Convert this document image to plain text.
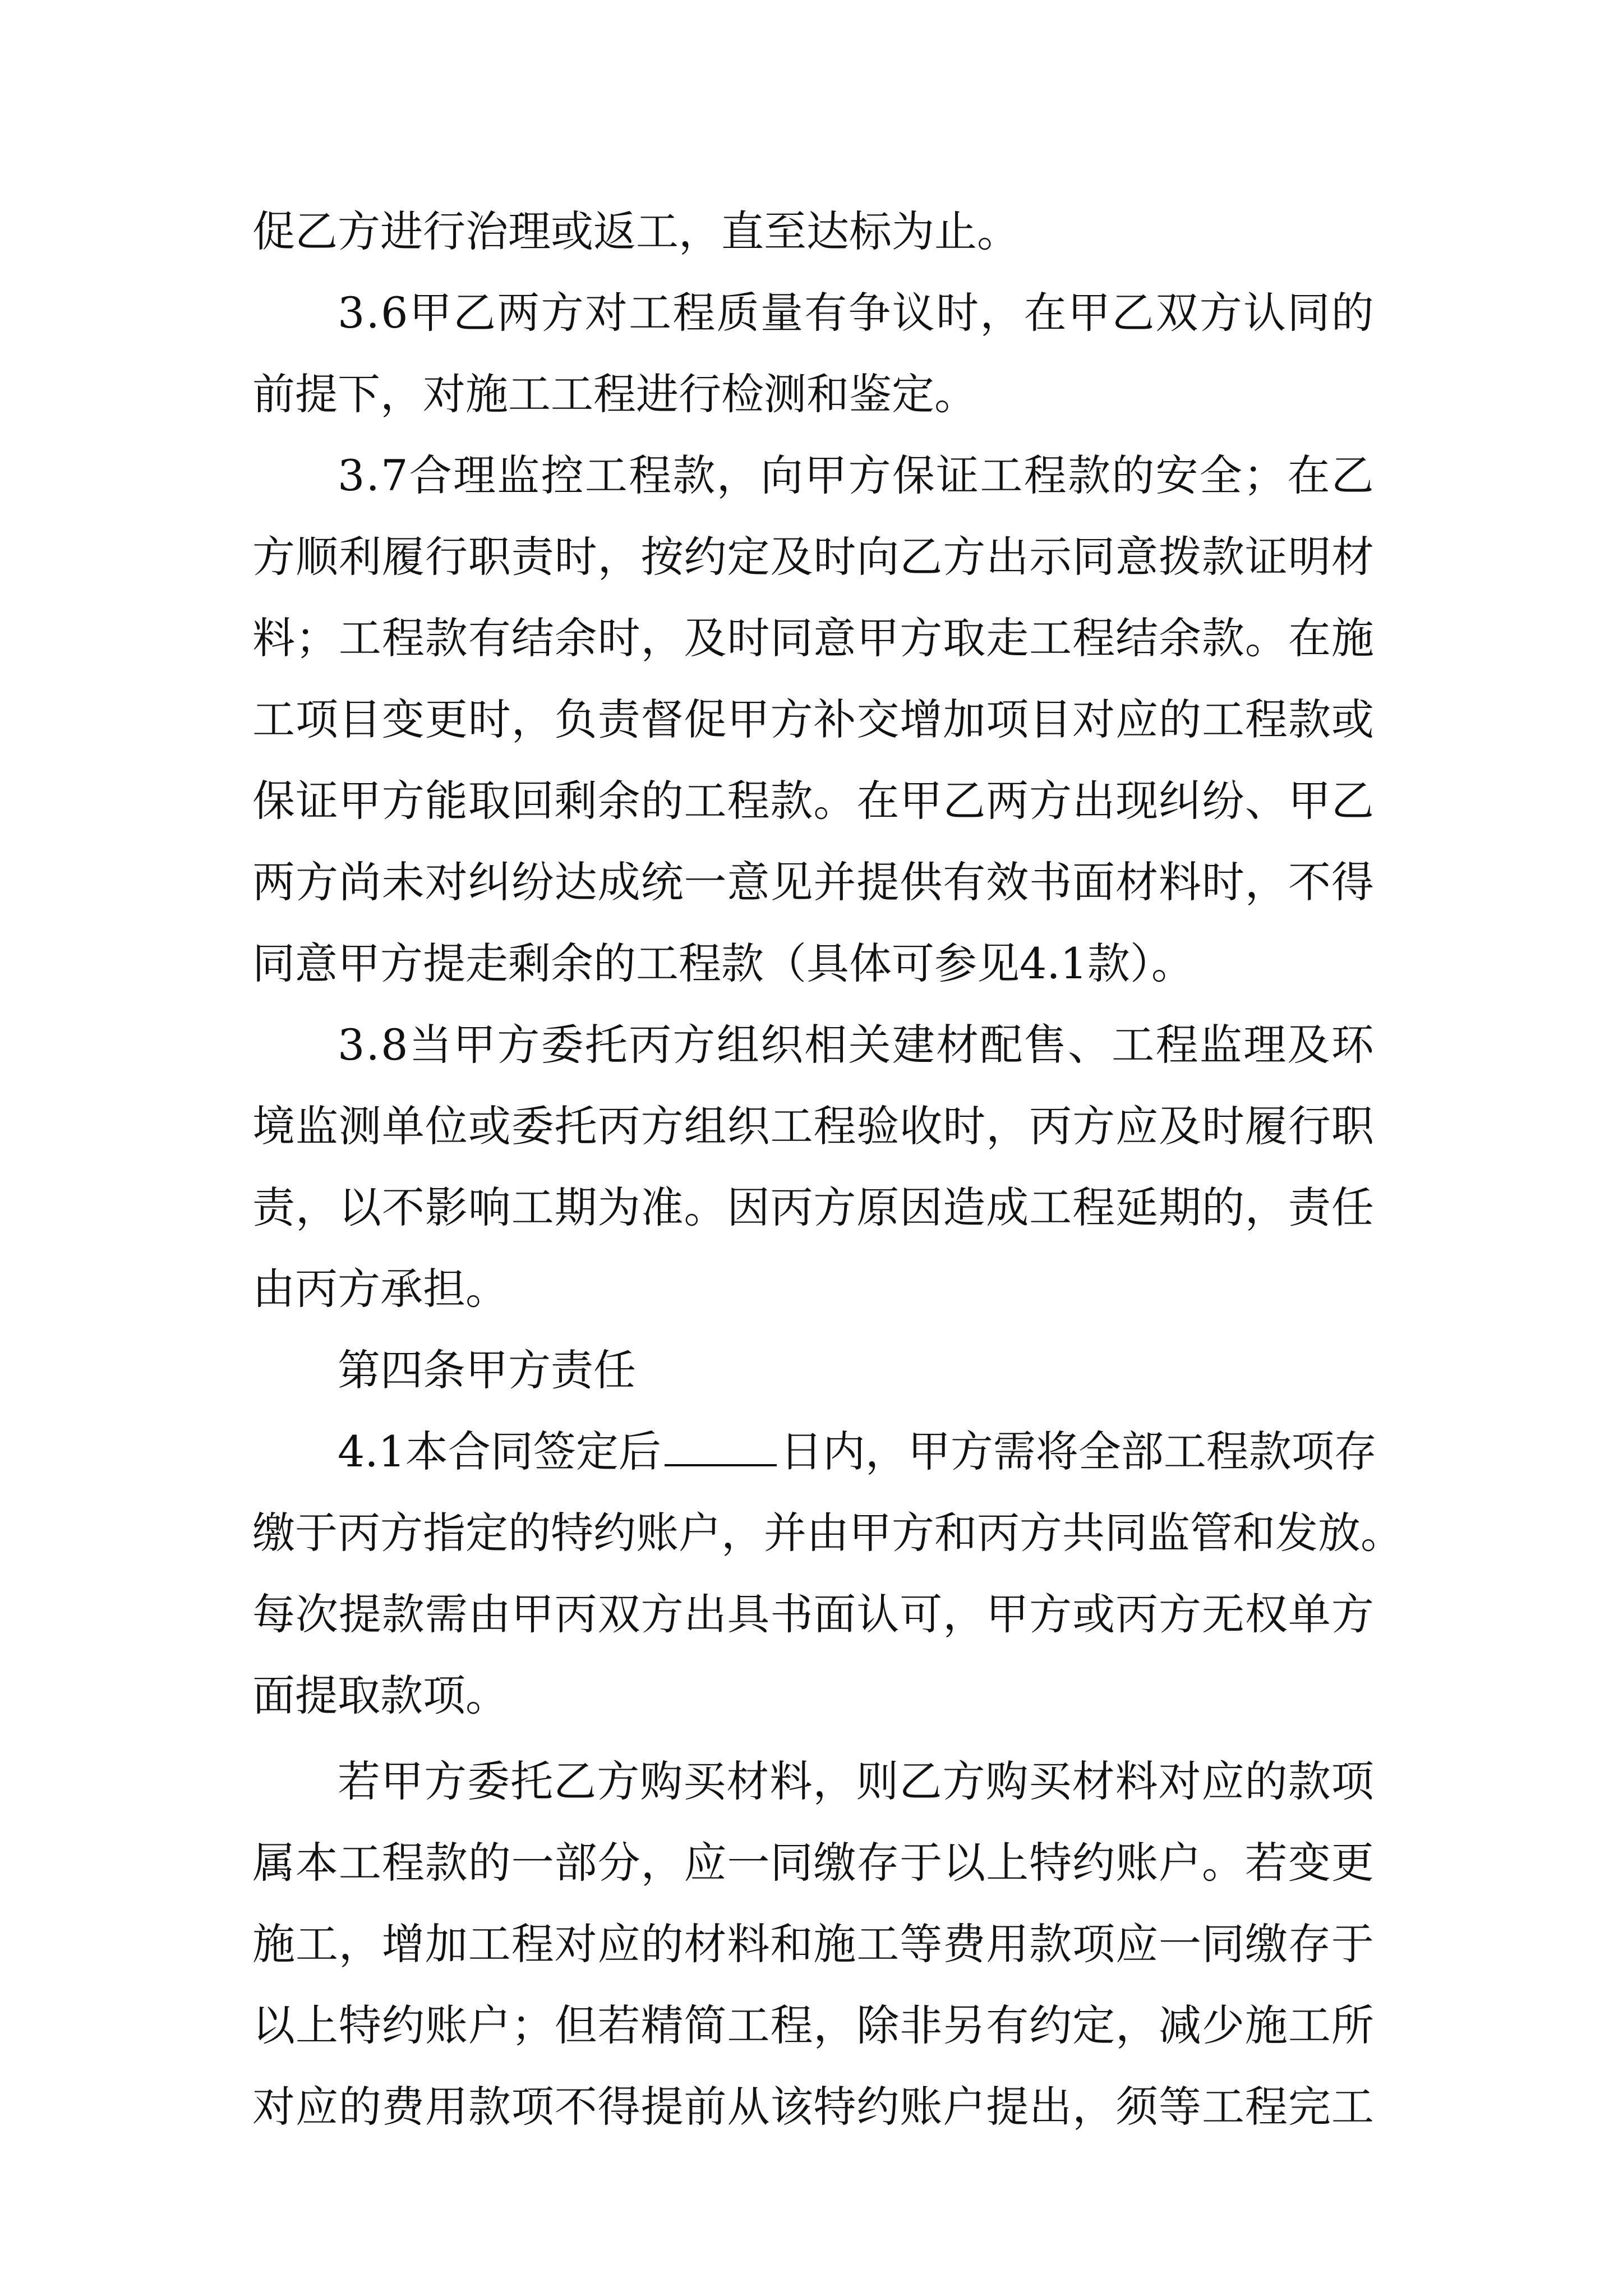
促乙方进行治理或返工，直至达标为止。
3 . 6 甲 乙 两 方 对 工 程 质 量 有 争 议 时 ， 在 甲 乙 双 方 认 同 的
前提下，对施工工程进行检测和鉴定。
3 . 7 合 理 监 控 工 程 款 ， 向 甲 方 保 证 工 程 款 的 安 全 ； 在 乙
方 顺 利 履 行 职 责 时 ， 按 约 定 及 时 向 乙 方 出 示 同 意 拨 款 证 明 材
料 ； 工 程 款 有 结 余 时 ， 及 时 同 意 甲 方 取 走 工 程 结 余 款 。 在 施
工 项 目 变 更 时 ， 负 责 督 促 甲 方 补 交 增 加 项 目 对 应 的 工 程 款 或
保 证 甲 方 能 取 回 剩 余 的 工 程 款 。 在 甲 乙 两 方 出 现 纠 纷 、 甲 乙
两 方 尚 未 对 纠 纷 达 成 统 一 意 见 并 提 供 有 效 书 面 材 料 时 ， 不 得
同意甲方提走剩余的工程款（具体可参见4.1款）。
3 . 8 当 甲 方 委 托 丙 方 组 织 相 关 建 材 配 售 、 工 程 监 理 及 环
境 监 测 单 位 或 委 托 丙 方 组 织 工 程 验 收 时 ， 丙 方 应 及 时 履 行 职
责 ， 以 不 影 响 工 期 为 准 。 因 丙 方 原 因 造 成 工 程 延 期 的 ， 责 任
由丙方承担。
第四条甲方责任
4.1本合同签定后	日内，甲方需将全部工程款项存
缴 于 丙 方 指 定 的 特 约 账 户 ， 并 由 甲 方 和 丙 方 共 同 监 管 和 发 放 。
每 次 提 款 需 由 甲 丙 双 方 出 具 书 面 认 可 ， 甲 方 或 丙 方 无 权 单 方
面提取款项。
若 甲 方 委 托 乙 方 购 买 材 料 ， 则 乙 方 购 买 材 料 对 应 的 款 项
属 本 工 程 款 的 一 部 分 ， 应 一 同 缴 存 于 以 上 特 约 账 户 。 若 变 更
施 工 ， 增 加 工 程 对 应 的 材 料 和 施 工 等 费 用 款 项 应 一 同 缴 存 于
以 上 特 约 账 户 ； 但 若 精 简 工 程 ， 除 非 另 有 约 定 ， 减 少 施 工 所
对 应 的 费 用 款 项 不 得 提 前 从 该 特 约 账 户 提 出 ， 须 等 工 程 完 工
